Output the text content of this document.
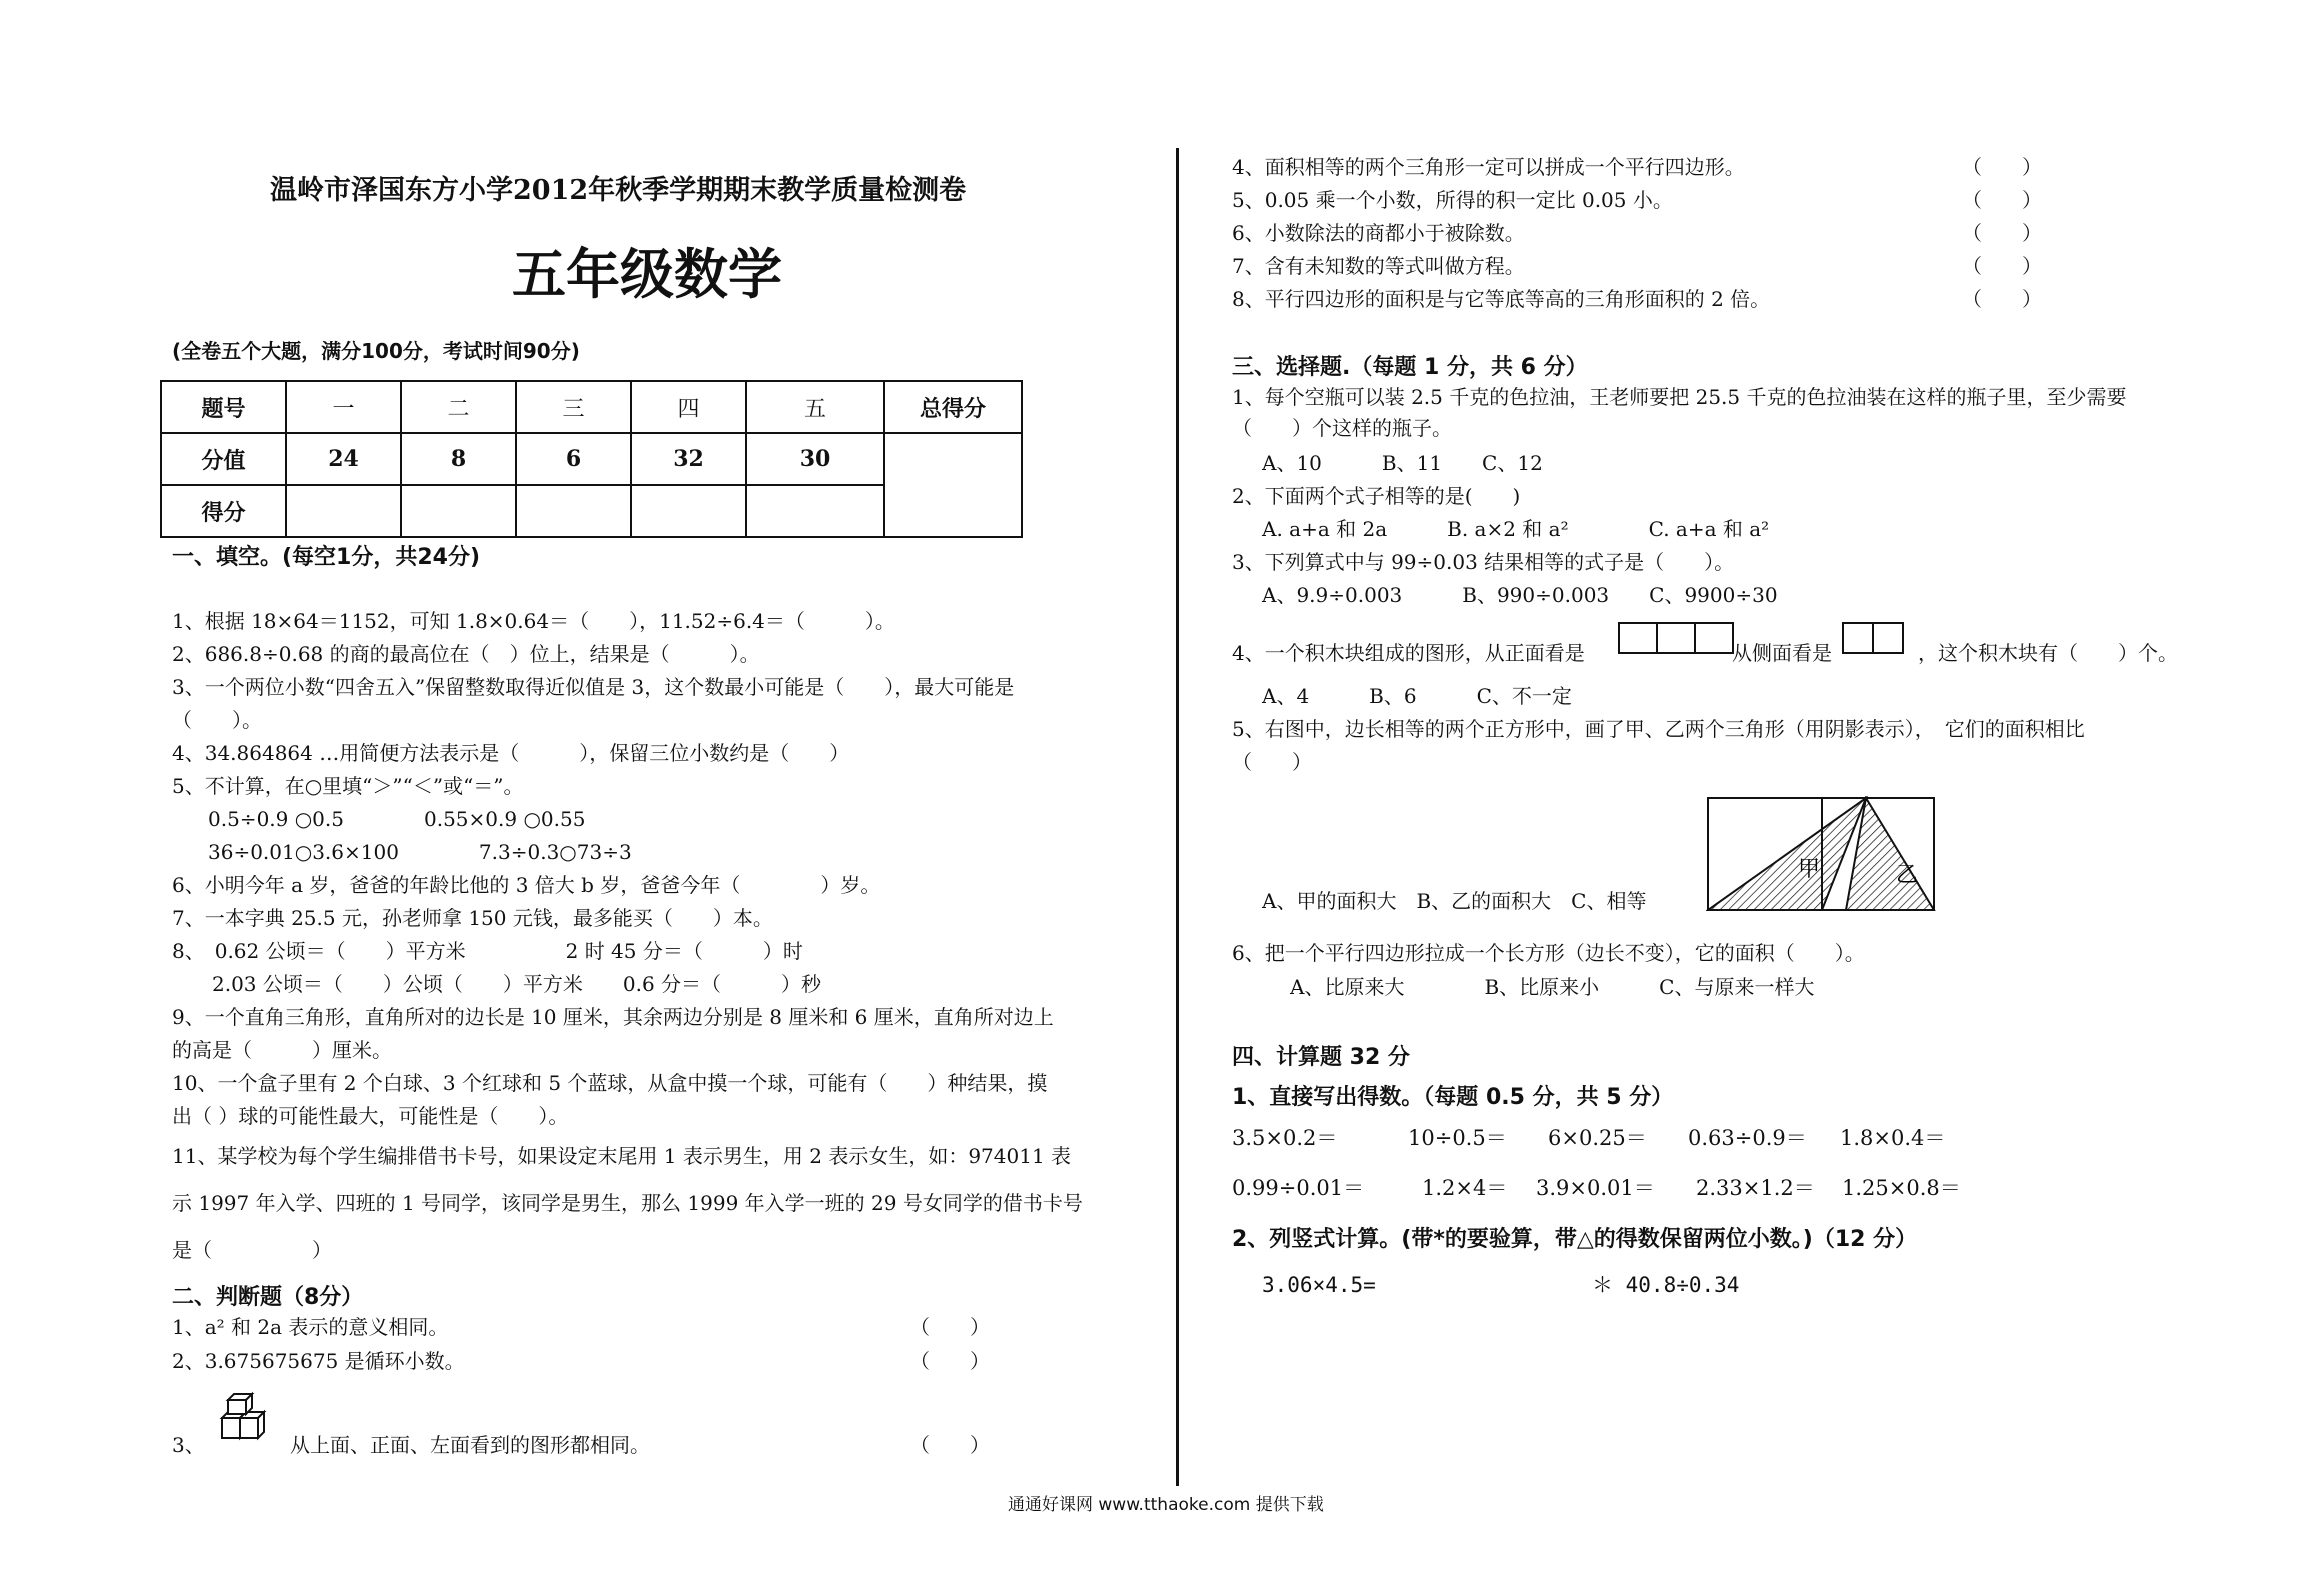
温岭市泽国东方小学2012年秋季学期期末教学质量检测卷
五年级数学
(全卷五个大题，满分100分，考试时间90分)
题号	一	二	三	四	五	总得分
分值	24	8	6	32	30	
得分						
一、填空。(每空1分，共24分)
1、根据 18×64＝1152，可知 1.8×0.64＝（　　），11.52÷6.4＝（　　　）。
2、686.8÷0.68 的商的最高位在（　）位上，结果是（　　　）。
3、一个两位小数“四舍五入”保留整数取得近似值是 3，这个数最小可能是（　　），最大可能是
（　　）。
4、34.864864 …用简便方法表示是（　　　），保留三位小数约是（　　）
5、不计算，在○里填“＞”“＜”或“＝”。
0.5÷0.9 ○0.5　　　　0.55×0.9 ○0.55
36÷0.01○3.6×100　　　　7.3÷0.3○73÷3
6、小明今年 a 岁，爸爸的年龄比他的 3 倍大 b 岁，爸爸今年（　　　　）岁。
7、一本字典 25.5 元，孙老师拿 150 元钱，最多能买（　　）本。
8、　0.62 公顷＝（　　）平方米　　　　　2 时 45 分＝（　　　）时
2.03 公顷＝（　　）公顷（　　）平方米　　0.6 分＝（　　　）秒
9、一个直角三角形，直角所对的边长是 10 厘米，其余两边分别是 8 厘米和 6 厘米，直角所对边上
的高是（　　　）厘米。
10、一个盒子里有 2 个白球、3 个红球和 5 个蓝球，从盒中摸一个球，可能有（　　）种结果，摸
出（ ）球的可能性最大，可能性是（　　）。
11、某学校为每个学生编排借书卡号，如果设定末尾用 1 表示男生，用 2 表示女生，如：974011 表
示 1997 年入学、四班的 1 号同学，该同学是男生，那么 1999 年入学一班的 29 号女同学的借书卡号
是（　　　　　）
二、判断题（8分）
1、a² 和 2a 表示的意义相同。	（　　）
2、3.675675675 是循环小数。	（　　）
3、	从上面、正面、左面看到的图形都相同。	（　　）
4、面积相等的两个三角形一定可以拼成一个平行四边形。	（　　）
5、0.05 乘一个小数，所得的积一定比 0.05 小。	（　　）
6、小数除法的商都小于被除数。	（　　）
7、含有未知数的等式叫做方程。	（　　）
8、平行四边形的面积是与它等底等高的三角形面积的 2 倍。	（　　）
三、选择题.（每题 1 分，共 6 分）
1、每个空瓶可以装 2.5 千克的色拉油，王老师要把 25.5 千克的色拉油装在这样的瓶子里，至少需要
（　　）个这样的瓶子。
A、10　　　B、11　　C、12
2、下面两个式子相等的是(　　)
A. a+a 和 2a　　　B. a×2 和 a²　　　　C. a+a 和 a²
3、下列算式中与 99÷0.03 结果相等的式子是（　　）。
A、9.9÷0.003　　　B、990÷0.003　　C、9900÷30
4、一个积木块组成的图形，从正面看是	从侧面看是	，这个积木块有（　　）个。
A、4　　　B、6　　　C、不一定
5、右图中，边长相等的两个正方形中，画了甲、乙两个三角形（用阴影表示），　它们的面积相比
（　　）
甲	乙
A、甲的面积大　B、乙的面积大　C、相等
6、把一个平行四边形拉成一个长方形（边长不变），它的面积（　　）。
A、比原来大　　　　B、比原来小　　　C、与原来一样大
四、计算题 32 分
1、直接写出得数。（每题 0.5 分，共 5 分）
3.5×0.2＝	10÷0.5＝ 6×0.25＝ 0.63÷0.9＝ 1.8×0.4＝
0.99÷0.01＝	1.2×4＝ 3.9×0.01＝ 2.33×1.2＝ 1.25×0.8＝
2、列竖式计算。(带*的要验算，带△的得数保留两位小数。)（12 分）
3.06×4.5=	＊ 40.8÷0.34
通通好课网 www.tthaoke.com 提供下载
